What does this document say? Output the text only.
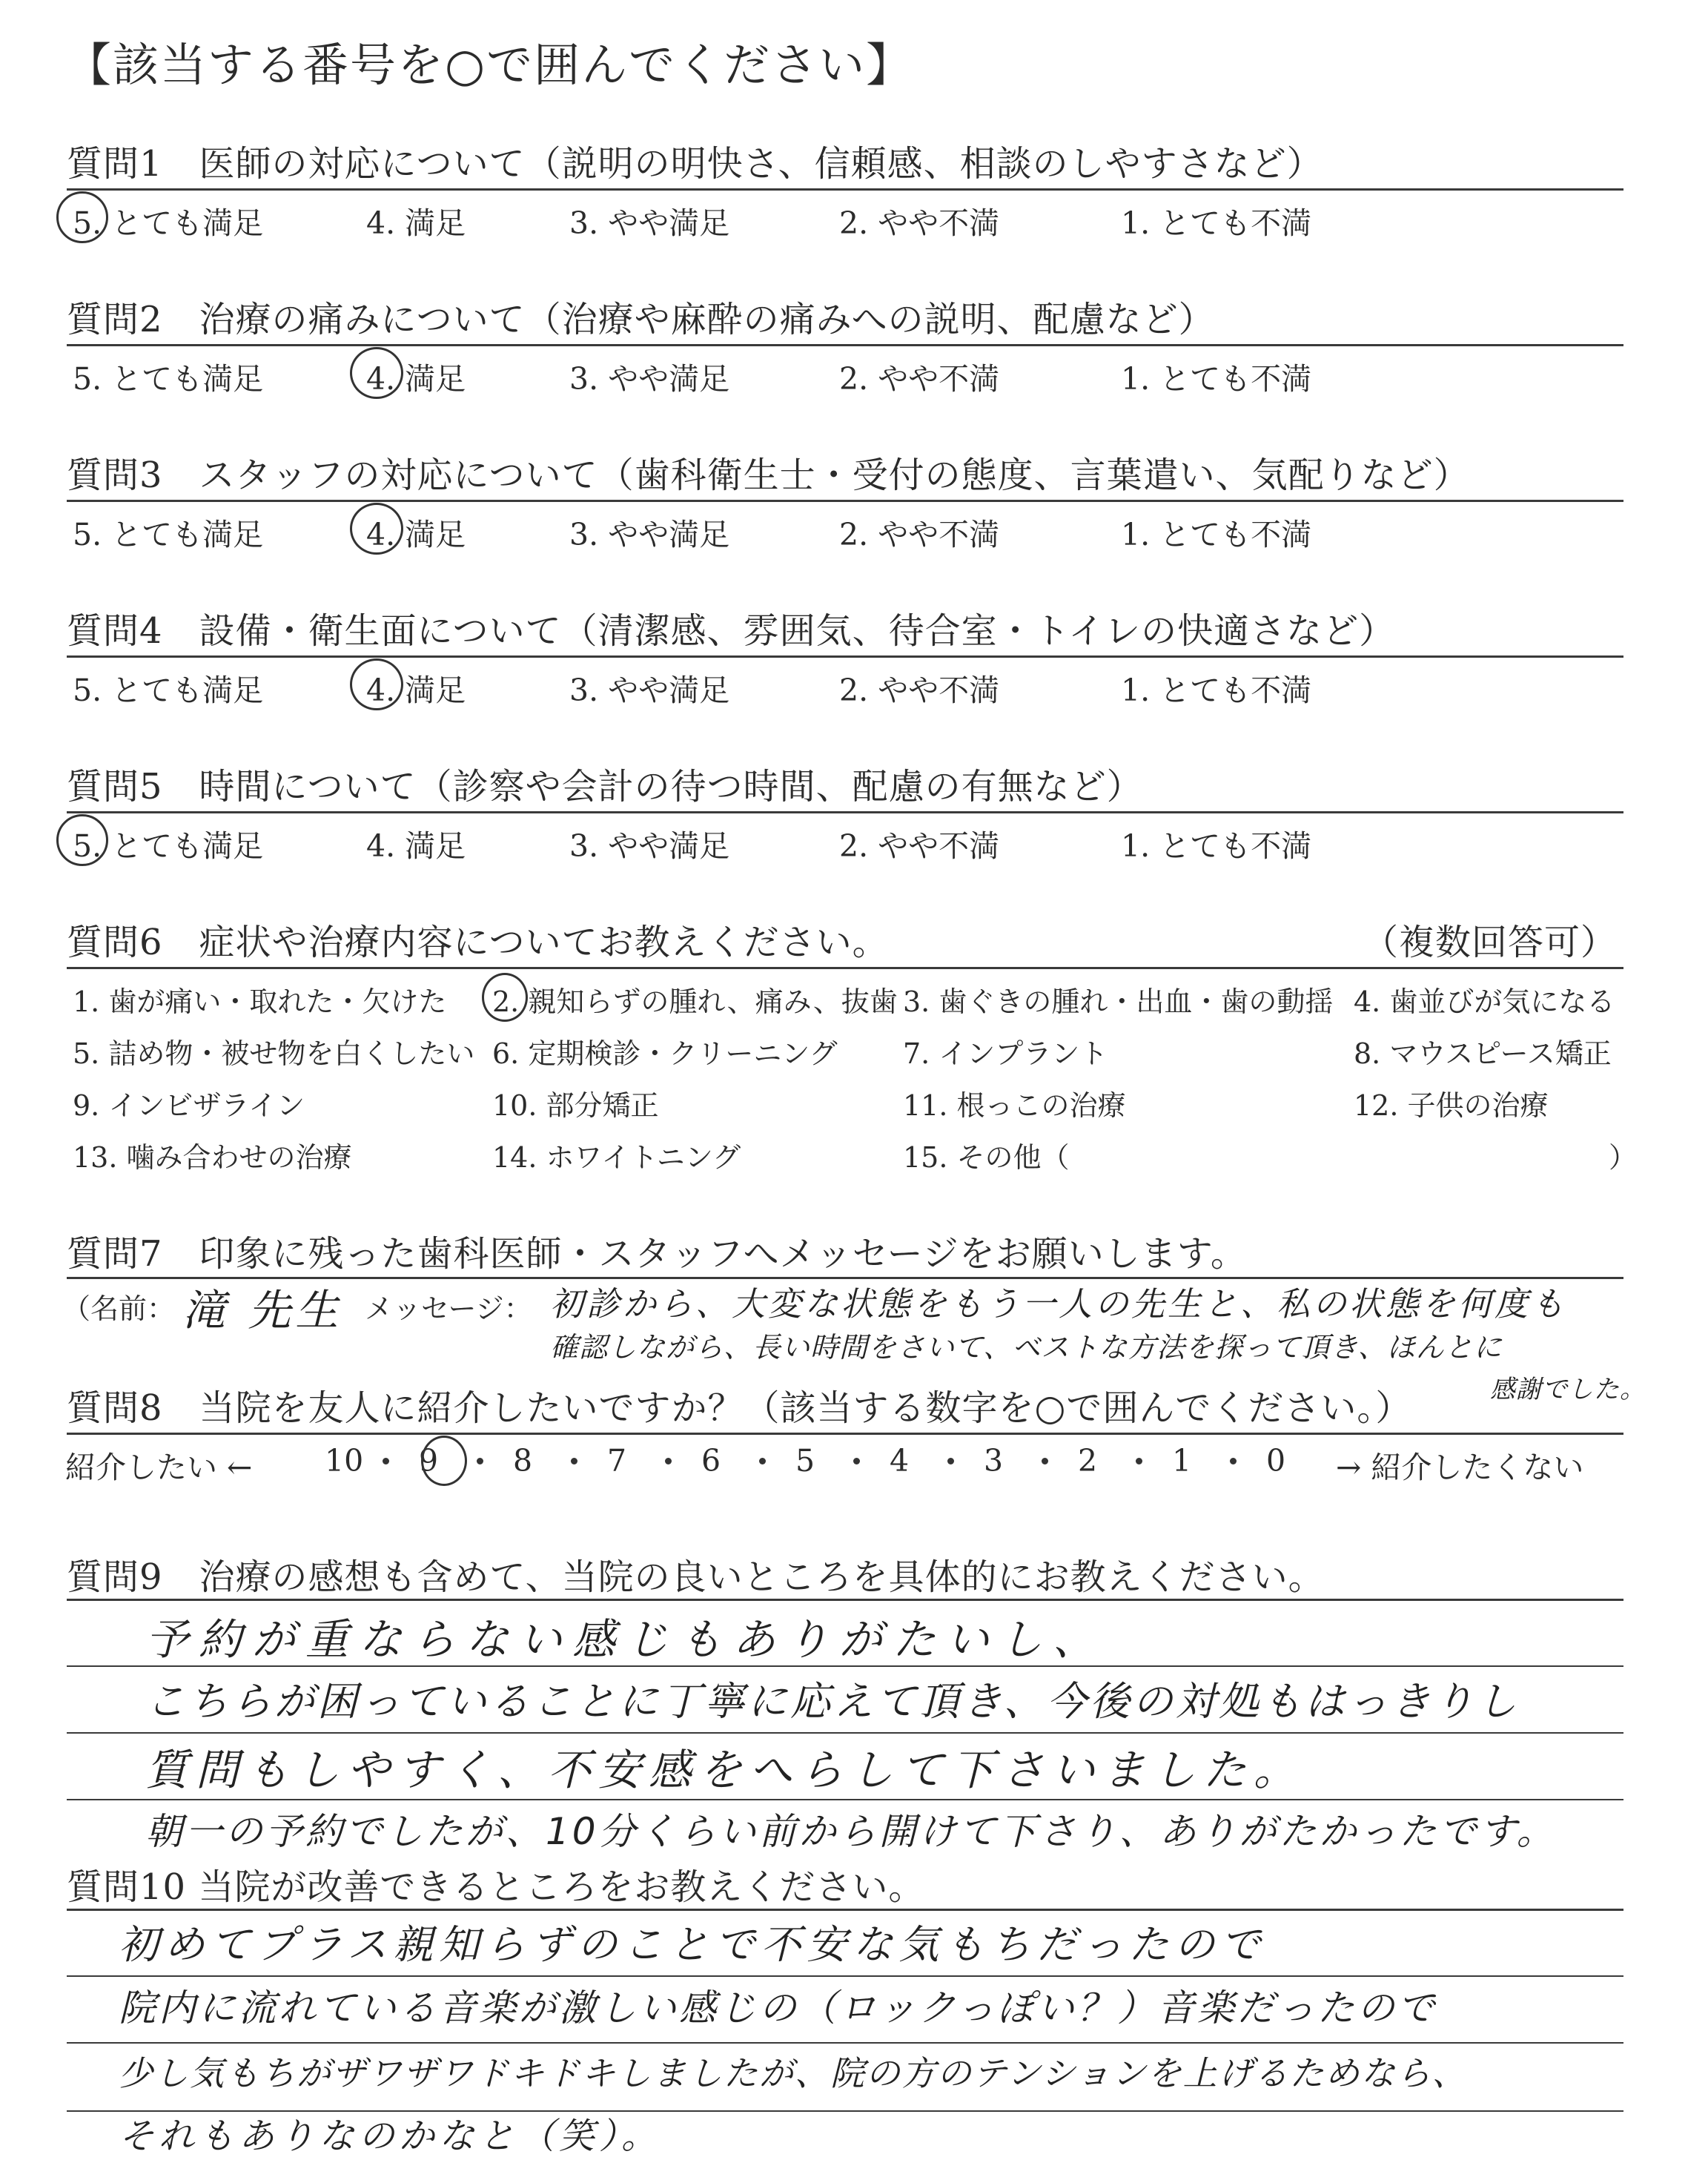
【該当する番号を○で囲んでください】
質問1　医師の対応について（説明の明快さ、信頼感、相談のしやすさなど）
5. とても満足	4. 満足	3. やや満足	2. やや不満	1. とても不満
質問2　治療の痛みについて（治療や麻酔の痛みへの説明、配慮など）
5. とても満足	4. 満足	3. やや満足	2. やや不満	1. とても不満
質問3　スタッフの対応について（歯科衛生士・受付の態度、言葉遣い、気配りなど）
5. とても満足	4. 満足	3. やや満足	2. やや不満	1. とても不満
質問4　設備・衛生面について（清潔感、雰囲気、待合室・トイレの快適さなど）
5. とても満足	4. 満足	3. やや満足	2. やや不満	1. とても不満
質問5　時間について（診察や会計の待つ時間、配慮の有無など）
5. とても満足	4. 満足	3. やや満足	2. やや不満	1. とても不満
質問6　症状や治療内容についてお教えください。	（複数回答可）
1. 歯が痛い・取れた・欠けた 2. 親知らずの腫れ、痛み、抜歯 3. 歯ぐきの腫れ・出血・歯の動揺 4. 歯並びが気になる
5. 詰め物・被せ物を白くしたい 6. 定期検診・クリーニング 7. インプラント	8. マウスピース矯正
9. インビザライン	10. 部分矯正	11. 根っこの治療	12. 子供の治療
13. 噛み合わせの治療	14. ホワイトニング	15. その他（	）
質問7　印象に残った歯科医師・スタッフへメッセージをお願いします。
（名前： 滝 先生 メッセージ： 初診から、大変な状態をもう一人の先生と、私の状態を何度も
確認しながら、長い時間をさいて、ベストな方法を探って頂き、ほんとに
感謝でした。
質問8　当院を友人に紹介したいですか？（該当する数字を○で囲んでください。）
紹介したい ← 10 9 8 7 6 5 4 3 2 1 0 → 紹介したくない
質問9　治療の感想も含めて、当院の良いところを具体的にお教えください。
予約が重ならない感じもありがたいし、
こちらが困っていることに丁寧に応えて頂き、今後の対処もはっきりし
質問もしやすく、不安感をへらして下さいました。
朝一の予約でしたが、10分くらい前から開けて下さり、ありがたかったです。
質問10 当院が改善できるところをお教えください。
初めてプラス親知らずのことで不安な気もちだったので
院内に流れている音楽が激しい感じの（ロックっぽい？）音楽だったので
少し気もちがザワザワドキドキしましたが、院の方のテンションを上げるためなら、
それもありなのかなと（笑）。
